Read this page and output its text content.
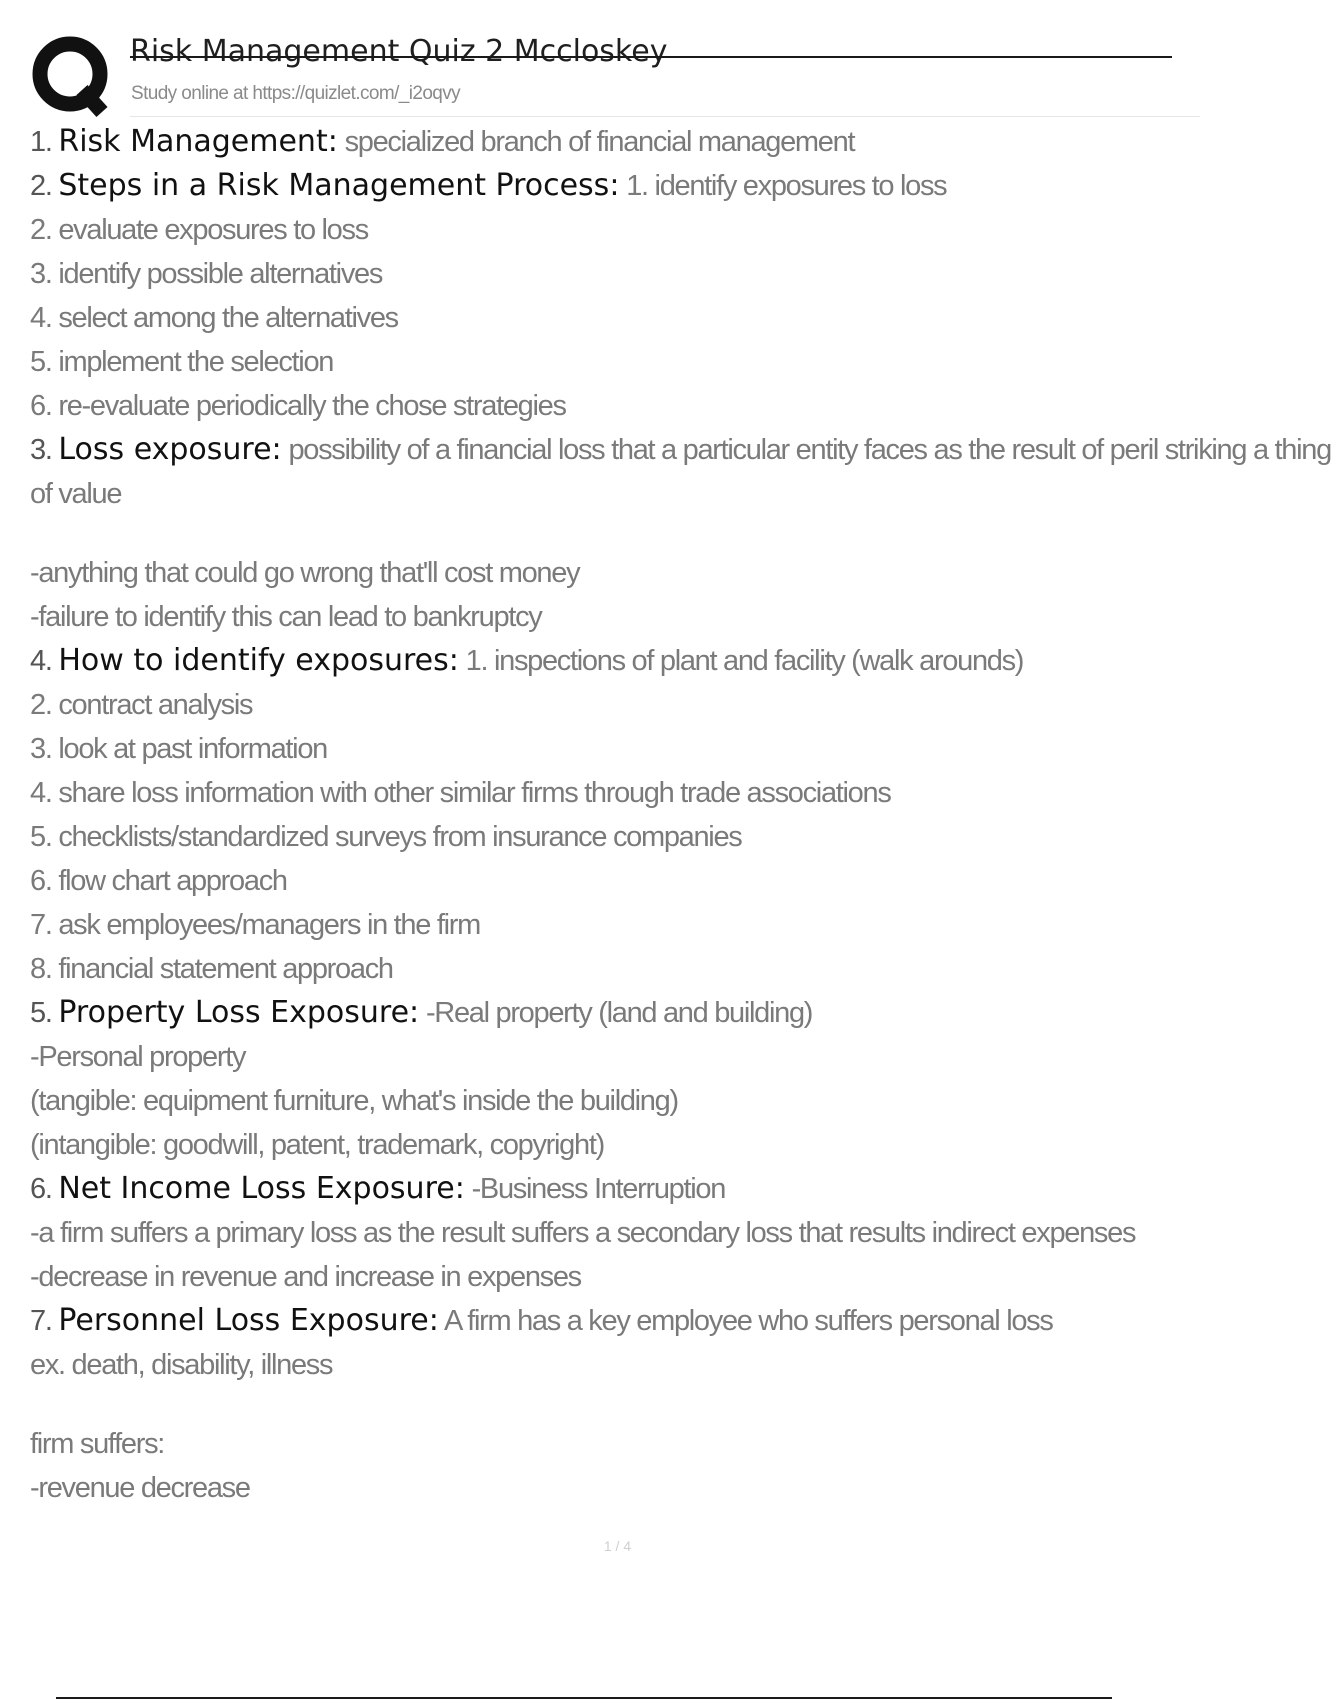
Risk Management Quiz 2 Mccloskey
Study online at https://quizlet.com/_i2oqvy
1. Risk Management: specialized branch of financial management
2. Steps in a Risk Management Process: 1. identify exposures to loss
2. evaluate exposures to loss
3. identify possible alternatives
4. select among the alternatives
5. implement the selection
6. re-evaluate periodically the chose strategies
3. Loss exposure: possibility of a financial loss that a particular entity faces as the result of peril striking a thing
of value
-anything that could go wrong that'll cost money
-failure to identify this can lead to bankruptcy
4. How to identify exposures: 1. inspections of plant and facility (walk arounds)
2. contract analysis
3. look at past information
4. share loss information with other similar firms through trade associations
5. checklists/standardized surveys from insurance companies
6. flow chart approach
7. ask employees/managers in the firm
8. financial statement approach
5. Property Loss Exposure: -Real property (land and building)
-Personal property
(tangible: equipment furniture, what's inside the building)
(intangible: goodwill, patent, trademark, copyright)
6. Net Income Loss Exposure: -Business Interruption
-a firm suffers a primary loss as the result suffers a secondary loss that results indirect expenses
-decrease in revenue and increase in expenses
7. Personnel Loss Exposure: A firm has a key employee who suffers personal loss
ex. death, disability, illness
firm suffers:
-revenue decrease
1 / 4
